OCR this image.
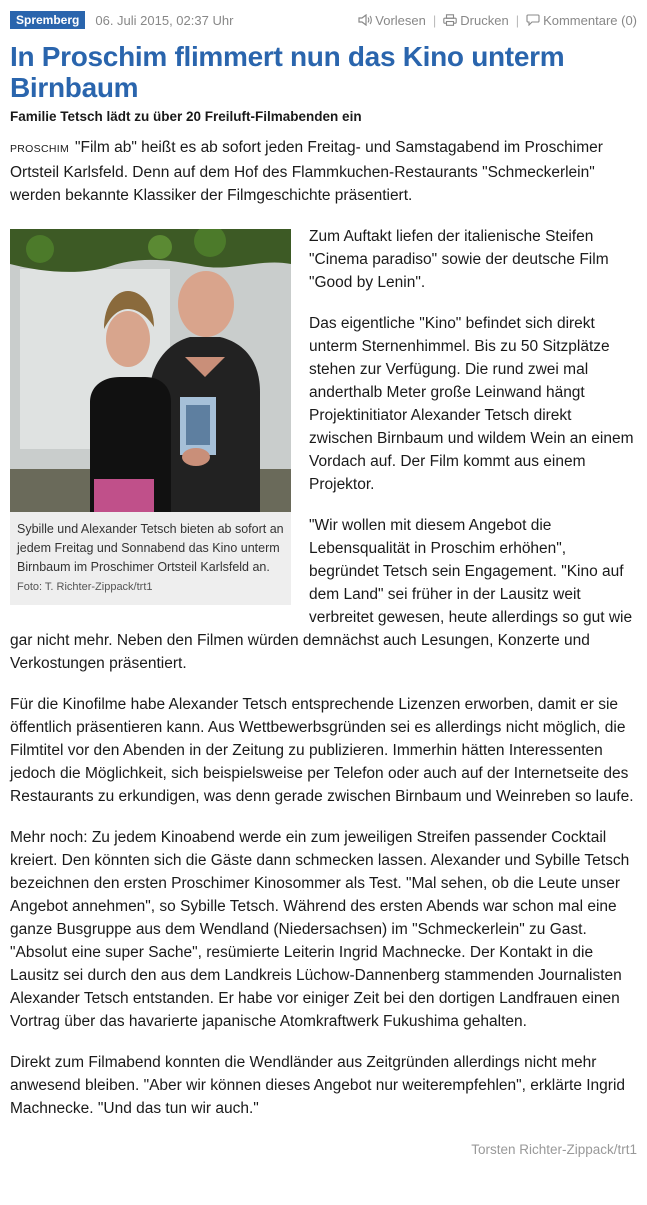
Spremberg	06. Juli 2015, 02:37 Uhr	Vorlesen |	Drucken |	Kommentare (0)
In Proschim flimmert nun das Kino unterm Birnbaum
Familie Tetsch lädt zu über 20 Freiluft-Filmabenden ein

PROSCHIM "Film ab" heißt es ab sofort jeden Freitag- und Samstagabend im Proschimer Ortsteil Karlsfeld. Denn auf dem Hof des Flammkuchen-Restaurants "Schmeckerlein" werden bekannte Klassiker der Filmgeschichte präsentiert.

Sybille und Alexander Tetsch bieten ab sofort an jedem Freitag und Sonnabend das Kino unterm Birnbaum im Proschimer Ortsteil Karlsfeld an.
Foto: T. Richter-Zippack/trt1

Zum Auftakt liefen der italienische Steifen "Cinema paradiso" sowie der deutsche Film "Good by Lenin".

Das eigentliche "Kino" befindet sich direkt unterm Sternenhimmel. Bis zu 50 Sitzplätze stehen zur Verfügung. Die rund zwei mal anderthalb Meter große Leinwand hängt Projektinitiator Alexander Tetsch direkt zwischen Birnbaum und wildem Wein an einem Vordach auf. Der Film kommt aus einem Projektor.

"Wir wollen mit diesem Angebot die Lebensqualität in Proschim erhöhen", begründet Tetsch sein Engagement. "Kino auf dem Land" sei früher in der Lausitz weit verbreitet gewesen, heute allerdings so gut wie gar nicht mehr. Neben den Filmen würden demnächst auch Lesungen, Konzerte und Verkostungen präsentiert.

Für die Kinofilme habe Alexander Tetsch entsprechende Lizenzen erworben, damit er sie öffentlich präsentieren kann. Aus Wettbewerbsgründen sei es allerdings nicht möglich, die Filmtitel vor den Abenden in der Zeitung zu publizieren. Immerhin hätten Interessenten jedoch die Möglichkeit, sich beispielsweise per Telefon oder auch auf der Internetseite des Restaurants zu erkundigen, was denn gerade zwischen Birnbaum und Weinreben so laufe.

Mehr noch: Zu jedem Kinoabend werde ein zum jeweiligen Streifen passender Cocktail kreiert. Den könnten sich die Gäste dann schmecken lassen. Alexander und Sybille Tetsch bezeichnen den ersten Proschimer Kinosommer als Test. "Mal sehen, ob die Leute unser Angebot annehmen", so Sybille Tetsch. Während des ersten Abends war schon mal eine ganze Busgruppe aus dem Wendland (Niedersachsen) im "Schmeckerlein" zu Gast. "Absolut eine super Sache", resümierte Leiterin Ingrid Machnecke. Der Kontakt in die Lausitz sei durch den aus dem Landkreis Lüchow-Dannenberg stammenden Journalisten Alexander Tetsch entstanden. Er habe vor einiger Zeit bei den dortigen Landfrauen einen Vortrag über das havarierte japanische Atomkraftwerk Fukushima gehalten.

Direkt zum Filmabend konnten die Wendländer aus Zeitgründen allerdings nicht mehr anwesend bleiben. "Aber wir können dieses Angebot nur weiterempfehlen", erklärte Ingrid Machnecke. "Und das tun wir auch."

Torsten Richter-Zippack/trt1
